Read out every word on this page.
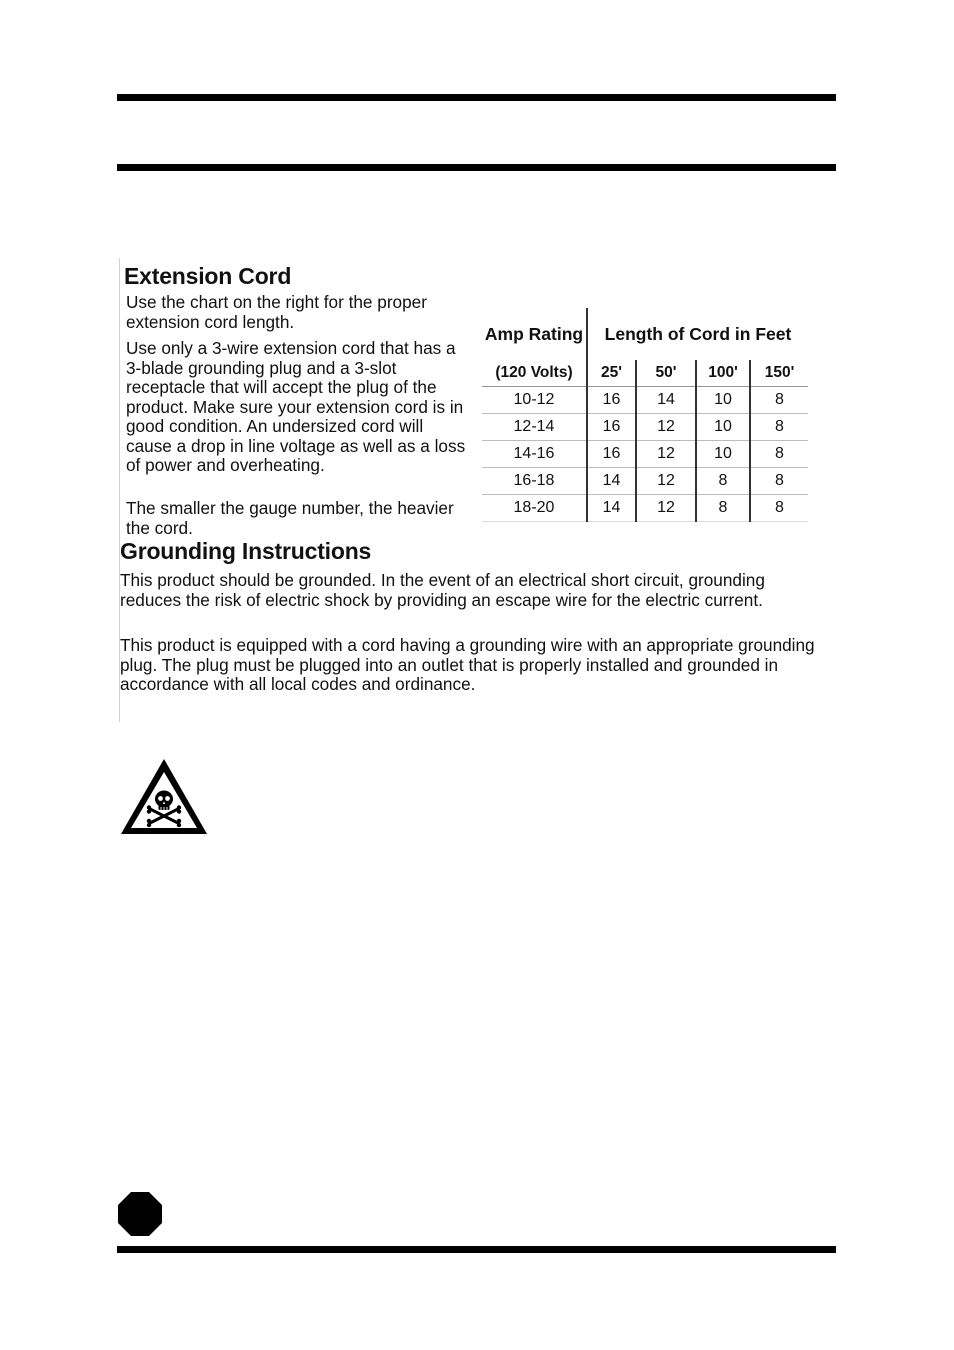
Extension Cord

Use the chart on the right for the proper extension cord length.

Use only a 3-wire extension cord that has a 3-blade grounding plug and a 3-slot receptacle that will accept the plug of the product. Make sure your extension cord is in good condition. An undersized cord will cause a drop in line voltage as well as a loss of power and overheating.

The smaller the gauge number, the heavier the cord.

Amp Rating	Length of Cord in Feet			
(120 Volts)	25'	50'	100'	150'
10-12	16	14	10	8
12-14	16	12	10	8
14-16	16	12	10	8
16-18	14	12	8	8
18-20	14	12	8	8
Grounding Instructions

This product should be grounded. In the event of an electrical short circuit, grounding reduces the risk of electric shock by providing an escape wire for the electric current.

This product is equipped with a cord having a grounding wire with an appropriate grounding plug. The plug must be plugged into an outlet that is properly installed and grounded in accordance with all local codes and ordinance.
